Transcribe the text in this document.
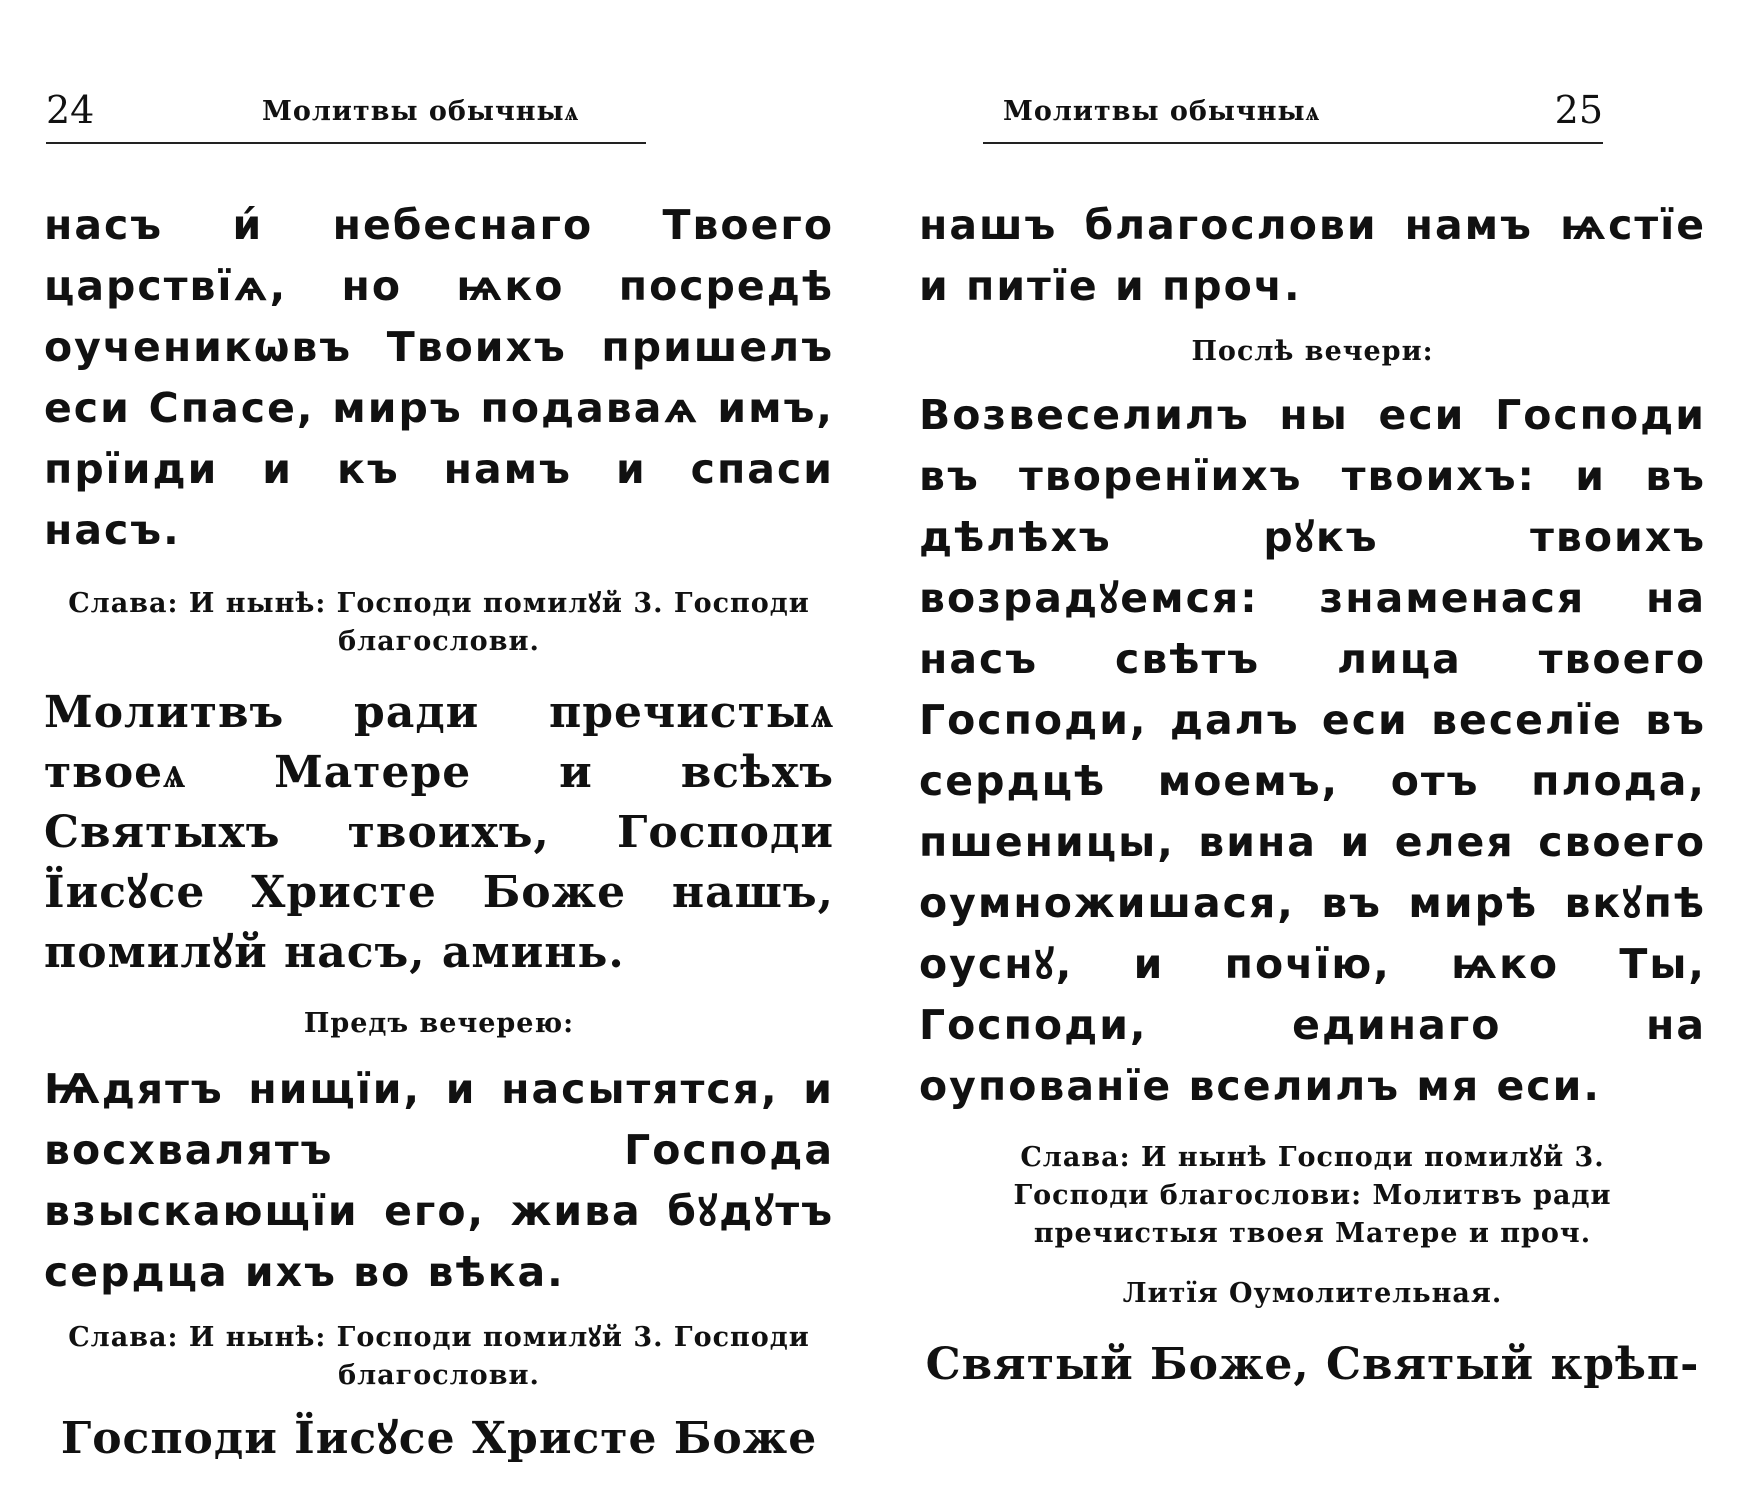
24	Молитвы обычныѧ

насъ и́ небеснаго Твоего царствїѧ, но ѩко посредѣ оученикѡвъ Твоихъ пришелъ еси Спасе, миръ подаваѧ имъ, прїиди и къ намъ и спаси насъ.

Слава: И нынѣ: Господи помилꙋй 3. Господи благослови.

Молитвъ ради пречистыѧ твоеѧ Матере и всѣхъ Святыхъ твоихъ, Господи Їисꙋсе Христе Боже нашъ, помилꙋй насъ, аминь.

Предъ вечерею:

Ѩдятъ нищїи, и насытятся, и восхвалятъ Господа взыскающїи его, жива бꙋдꙋтъ сердца ихъ во вѣка.

Слава: И нынѣ: Господи помилꙋй 3. Господи благослови.

Господи Їисꙋсе Христе Боже

Молитвы обычныѧ	25

нашъ благослови намъ ѩстїе и питїе и проч.

Послѣ вечери:

Возвеселилъ ны еси Господи въ творенїихъ твоихъ: и въ дѣлѣхъ рꙋкъ твоихъ возрадꙋемся: знаменася на насъ свѣтъ лица твоего Господи, далъ еси веселїе въ сердцѣ моемъ, отъ плода, пшеницы, вина и елея своего оумножишася, въ мирѣ вкꙋпѣ оуснꙋ, и почїю, ѩко Ты, Господи, единаго на оупованїе вселилъ мя еси.

Слава: И нынѣ Господи помилꙋй 3. Господи благослови: Молитвъ ради пречистыя твоея Матере и проч.

Литїя Оумолительная.

Святый Боже, Святый крѣп-
